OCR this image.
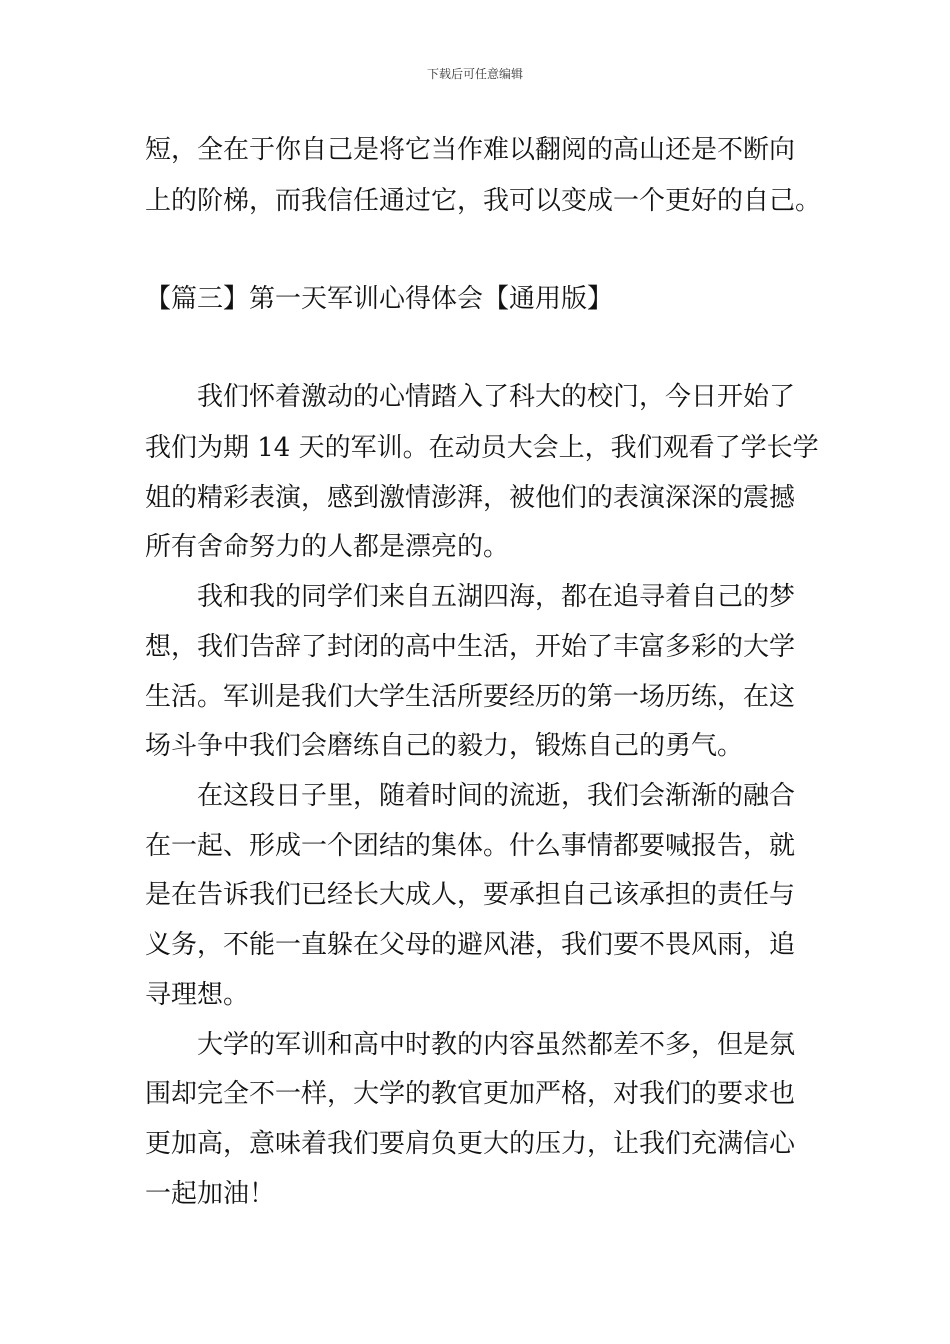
下载后可任意编辑

短，全在于你自己是将它当作难以翻阅的高山还是不断向

上的阶梯，而我信任通过它，我可以变成一个更好的自己。

【篇三】第一天军训心得体会【通用版】

我们怀着激动的心情踏入了科大的校门，今日开始了

我们为期 14 天的军训。在动员大会上，我们观看了学长学

姐的精彩表演，感到激情澎湃，被他们的表演深深的震撼

所有舍命努力的人都是漂亮的。

我和我的同学们来自五湖四海，都在追寻着自己的梦

想，我们告辞了封闭的高中生活，开始了丰富多彩的大学

生活。军训是我们大学生活所要经历的第一场历练，在这

场斗争中我们会磨练自己的毅力，锻炼自己的勇气。

在这段日子里，随着时间的流逝，我们会渐渐的融合

在一起、形成一个团结的集体。什么事情都要喊报告，就

是在告诉我们已经长大成人，要承担自己该承担的责任与

义务，不能一直躲在父母的避风港，我们要不畏风雨，追

寻理想。

大学的军训和高中时教的内容虽然都差不多，但是氛

围却完全不一样，大学的教官更加严格，对我们的要求也

更加高，意味着我们要肩负更大的压力，让我们充满信心

一起加油！
